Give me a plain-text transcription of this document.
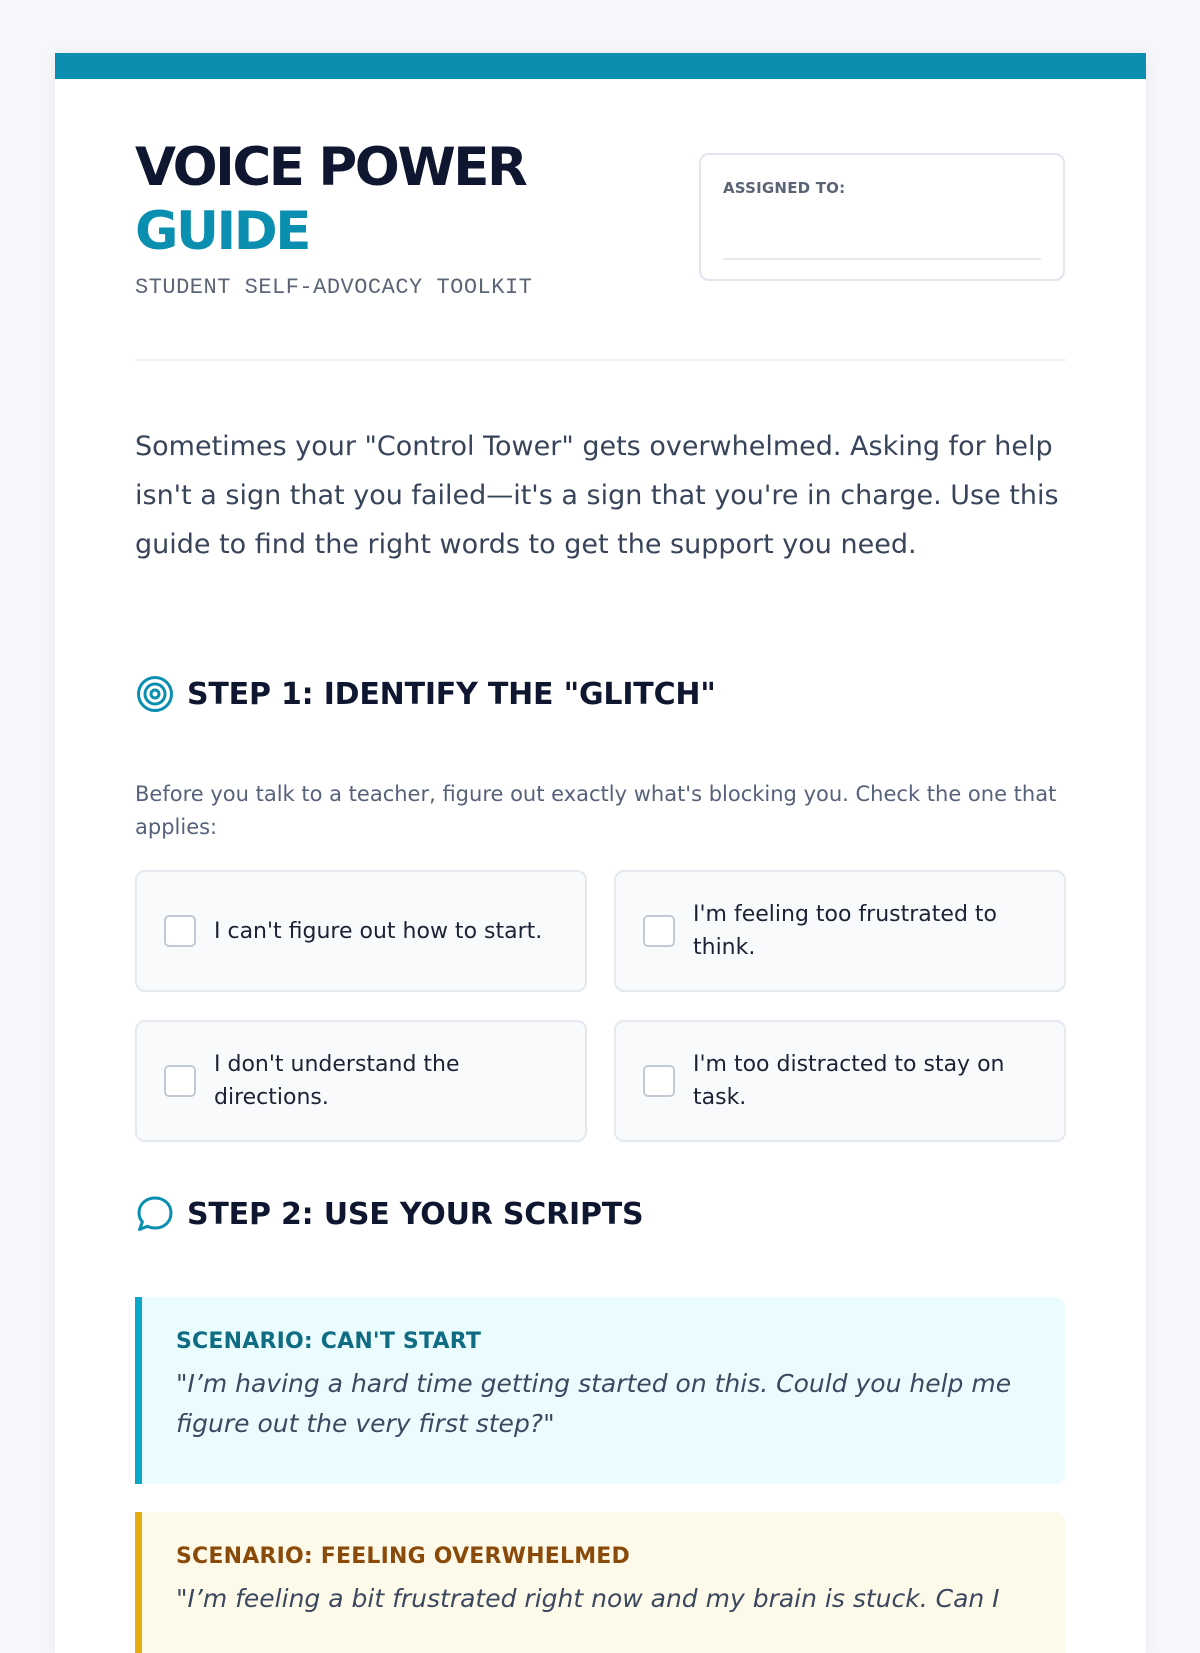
VOICE POWER
GUIDE
STUDENT SELF-ADVOCACY TOOLKIT
ASSIGNED TO:

Sometimes your "Control Tower" gets overwhelmed. Asking for help isn't a sign that you failed—it's a sign that you're in charge. Use this guide to find the right words to get the support you need.

STEP 1: IDENTIFY THE "GLITCH"

Before you talk to a teacher, figure out exactly what's blocking you. Check the one that applies:

I can't figure out how to start.
I'm feeling too frustrated to think.
I don't understand the directions.
I'm too distracted to stay on task.
STEP 2: USE YOUR SCRIPTS
SCENARIO: CAN'T START
"I’m having a hard time getting started on this. Could you help me figure out the very first step?"
SCENARIO: FEELING OVERWHELMED
"I’m feeling a bit frustrated right now and my brain is stuck. Can I
